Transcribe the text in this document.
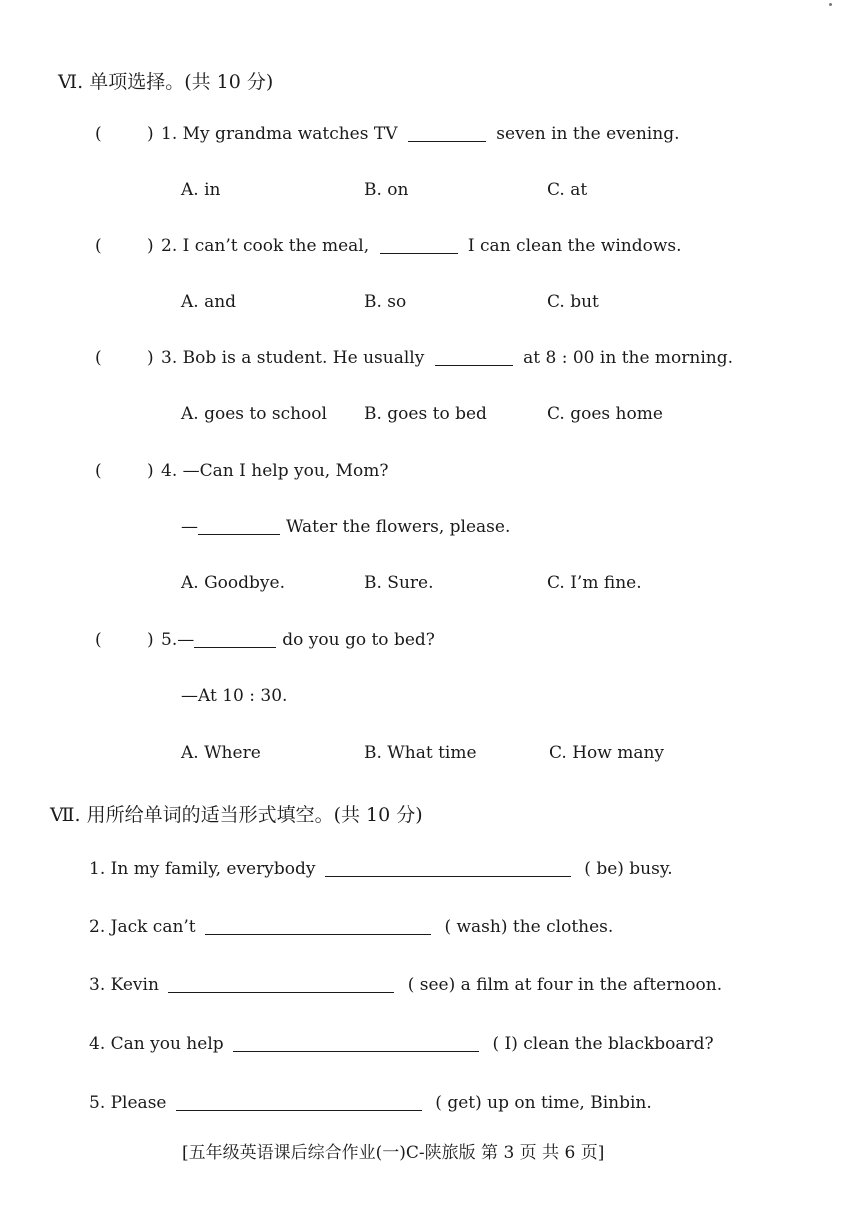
Ⅵ. 单项选择。(共 10 分)
(	) 1. My grandma watches TV	seven in the evening.
A. in	B. on	C. at
(	) 2. I can’t cook the meal,	I can clean the windows.
A. and	B. so	C. but
(	) 3. Bob is a student. He usually	at 8 : 00 in the morning.
A. goes to school B. goes to bed	C. goes home
(	) 4. —Can I help you, Mom?
—	Water the flowers, please.
A. Goodbye.	B. Sure.	C. I’m fine.
(	) 5.—	do you go to bed?
—At 10 : 30.
A. Where	B. What time	C. How many
Ⅶ. 用所给单词的适当形式填空。(共 10 分)
1. In my family, everybody	( be) busy.
2. Jack can’t	( wash) the clothes.
3. Kevin	( see) a film at four in the afternoon.
4. Can you help	( I) clean the blackboard?
5. Please	( get) up on time, Binbin.
[五年级英语课后综合作业(一)C-陕旅版 第 3 页 共 6 页]
